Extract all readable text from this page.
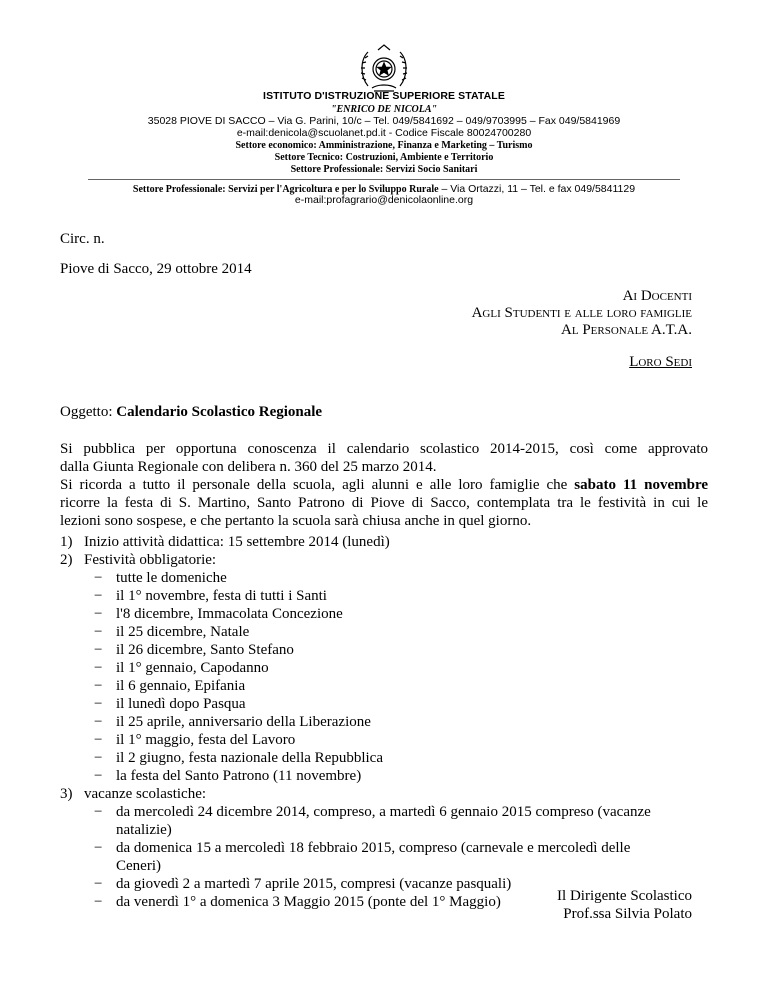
ISTITUTO D'ISTRUZIONE SUPERIORE STATALE
"ENRICO DE NICOLA"
35028 PIOVE DI SACCO – Via G. Parini, 10/c – Tel. 049/5841692 – 049/9703995 – Fax 049/5841969
e-mail:denicola@scuolanet.pd.it - Codice Fiscale 80024700280
Settore economico: Amministrazione, Finanza e Marketing – Turismo
Settore Tecnico: Costruzioni, Ambiente e Territorio
Settore Professionale: Servizi Socio Sanitari
Settore Professionale: Servizi per l'Agricoltura e per lo Sviluppo Rurale – Via Ortazzi, 11 – Tel. e fax 049/5841129
e-mail:profagrario@denicolaonline.org
Circ. n.
Piove di Sacco, 29 ottobre 2014
Ai Docenti
Agli Studenti e alle loro famiglie
Al Personale A.T.A.
Loro Sedi
Oggetto: Calendario Scolastico Regionale
Si pubblica per opportuna conoscenza il calendario scolastico 2014-2015, così come approvato
dalla Giunta Regionale con delibera n. 360 del 25 marzo 2014.
Si ricorda a tutto il personale della scuola, agli alunni e alle loro famiglie che sabato 11 novembre
ricorre la festa di S. Martino, Santo Patrono di Piove di Sacco, contemplata tra le festività in cui le
lezioni sono sospese, e che pertanto la scuola sarà chiusa anche in quel giorno.
1) Inizio attività didattica: 15 settembre 2014 (lunedì)
2) Festività obbligatorie:
− tutte le domeniche
− il 1° novembre, festa di tutti i Santi
− l'8 dicembre, Immacolata Concezione
− il 25 dicembre, Natale
− il 26 dicembre, Santo Stefano
− il 1° gennaio, Capodanno
− il 6 gennaio, Epifania
− il lunedì dopo Pasqua
− il 25 aprile, anniversario della Liberazione
− il 1° maggio, festa del Lavoro
− il 2 giugno, festa nazionale della Repubblica
− la festa del Santo Patrono (11 novembre)
3) vacanze scolastiche:
− da mercoledì 24 dicembre 2014, compreso, a martedì 6 gennaio 2015 compreso (vacanze
natalizie)
− da domenica 15 a mercoledì 18 febbraio 2015, compreso (carnevale e mercoledì delle
Ceneri)
− da giovedì 2 a martedì 7 aprile 2015, compresi (vacanze pasquali)
− da venerdì 1° a domenica 3 Maggio 2015 (ponte del 1° Maggio)	Il Dirigente Scolastico
Prof.ssa Silvia Polato
